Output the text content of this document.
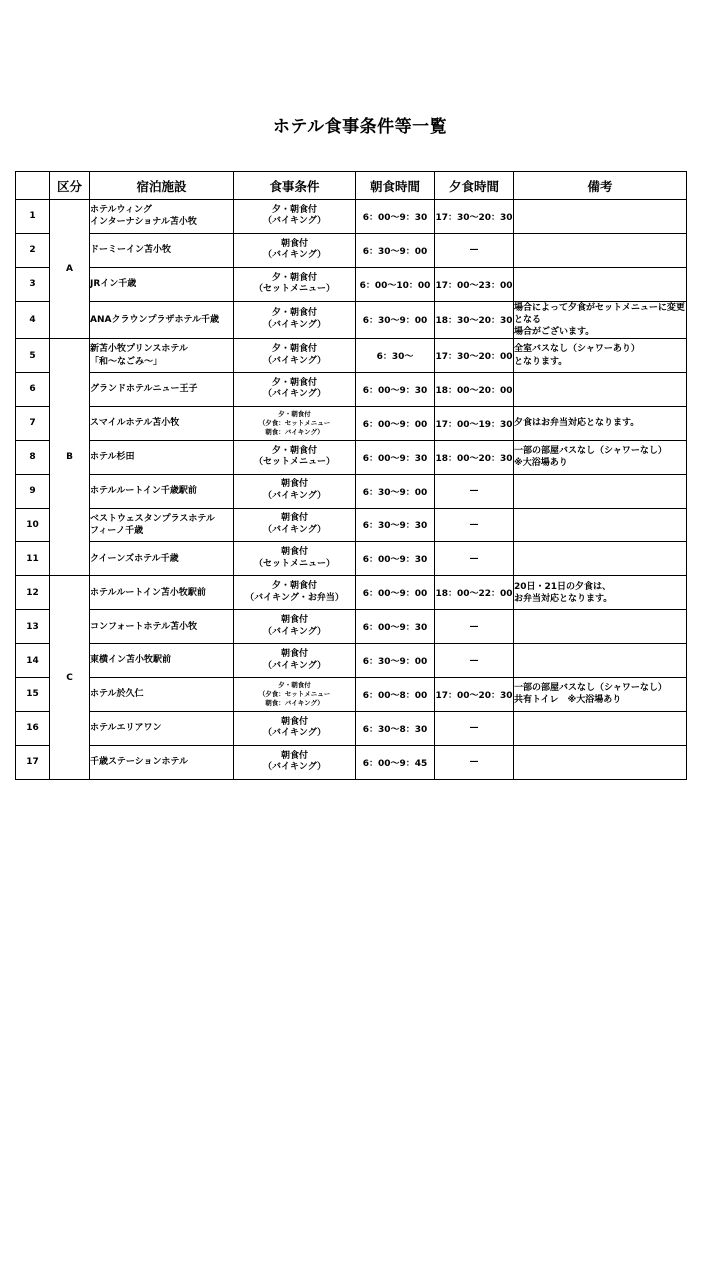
ホテル食事条件等一覧
	区分	宿泊施設	食事条件	朝食時間	夕食時間	備考
1	A	ホテルウィング
インターナショナル苫小牧	夕・朝食付
（バイキング）	6：00〜9：30	17：30〜20：30	
2		ドーミーイン苫小牧	朝食付
（バイキング）	6：30〜9：00	—	
3		JRイン千歳	夕・朝食付
（セットメニュー）	6：00〜10：00	17：00〜23：00	
4		ANAクラウンプラザホテル千歳	夕・朝食付
（バイキング）	6：30〜9：00	18：30〜20：30	場合によって夕食がセットメニューに変更となる
場合がございます。

5	B	新苫小牧プリンスホテル
「和〜なごみ〜」	夕・朝食付
（バイキング）	6：30〜	17：30〜20：00	全室バスなし（シャワーあり）
となります。

6		グランドホテルニュー王子	夕・朝食付
（バイキング）	6：00〜9：30	18：00〜20：00	
7		スマイルホテル苫小牧	夕・朝食付
（夕食：セットメニュー
朝食：バイキング）	6：00〜9：00	17：00〜19：30	夕食はお弁当対応となります。

8		ホテル杉田	夕・朝食付
（セットメニュー）	6：00〜9：30	18：00〜20：30	一部の部屋バスなし（シャワーなし）
※大浴場あり

9		ホテルルートイン千歳駅前	朝食付
（バイキング）	6：30〜9：00	—	
10		ベストウェスタンプラスホテル
フィーノ千歳	朝食付
（バイキング）	6：30〜9：30	—	
11		クイーンズホテル千歳	朝食付
（セットメニュー）	6：00〜9：30	—	
12	C	ホテルルートイン苫小牧駅前	夕・朝食付
（バイキング・お弁当）	6：00〜9：00	18：00〜22：00	20日・21日の夕食は、
お弁当対応となります。

13		コンフォートホテル苫小牧	朝食付
（バイキング）	6：00〜9：30	—	
14		東横イン苫小牧駅前	朝食付
（バイキング）	6：30〜9：00	—	
15		ホテル於久仁	夕・朝食付
（夕食：セットメニュー
朝食：バイキング）	6：00〜8：00	17：00〜20：30	一部の部屋バスなし（シャワーなし）
共有トイレ　※大浴場あり

16		ホテルエリアワン	朝食付
（バイキング）	6：30〜8：30	—	
17		千歳ステーションホテル	朝食付
（バイキング）	6：00〜9：45	—	
